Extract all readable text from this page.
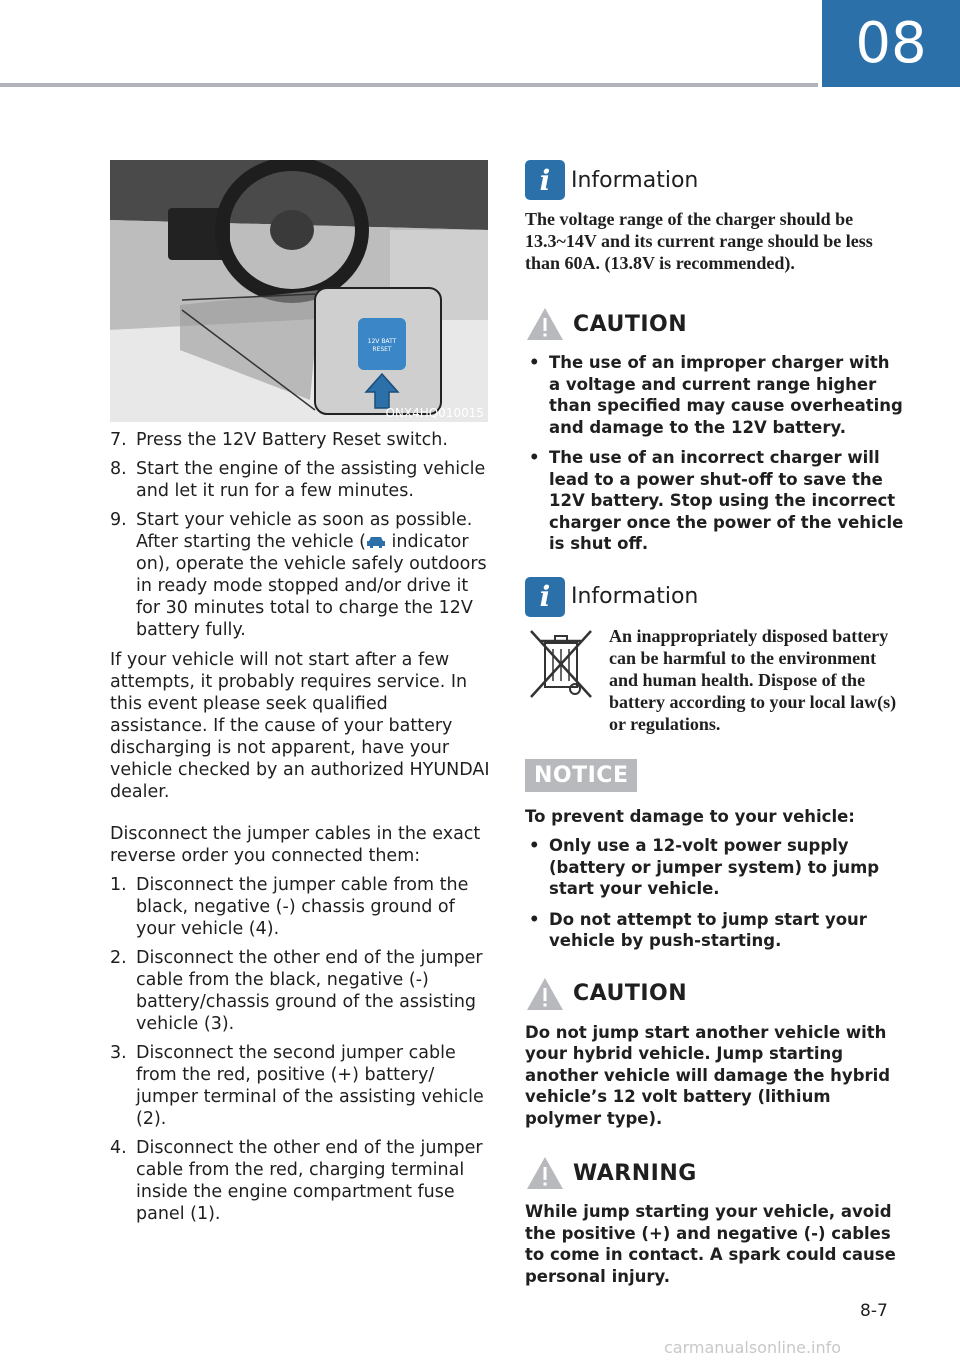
08
12V BATT
RESET
ONX4HQ010015
7. Press the 12V Battery Reset switch.
8. Start the engine of the assisting vehicle and let it run for a few minutes.
9. Start your vehicle as soon as possible. After starting the vehicle ( indicator on), operate the vehicle safely outdoors in ready mode stopped and/or drive it for 30 minutes total to charge the 12V battery fully.

If your vehicle will not start after a few attempts, it probably requires service. In this event please seek qualified assistance. If the cause of your battery discharging is not apparent, have your vehicle checked by an authorized HYUNDAI dealer.

Disconnect the jumper cables in the exact reverse order you connected them:

1. Disconnect the jumper cable from the black, negative (-) chassis ground of your vehicle (4).
2. Disconnect the other end of the jumper cable from the black, negative (-) battery/chassis ground of the assisting vehicle (3).
3. Disconnect the second jumper cable from the red, positive (+) battery/ jumper terminal of the assisting vehicle (2).
4. Disconnect the other end of the jumper cable from the red, charging terminal inside the engine compartment fuse panel (1).
i Information
The voltage range of the charger should be 13.3~14V and its current range should be less than 60A. (13.8V is recommended).
CAUTION
• The use of an improper charger with a voltage and current range higher than specified may cause overheating and damage to the 12V battery.
• The use of an incorrect charger will lead to a power shut-off to save the 12V battery. Stop using the incorrect charger once the power of the vehicle is shut off.
i Information
An inappropriately disposed battery can be harmful to the environment and human health. Dispose of the battery according to your local law(s) or regulations.
NOTICE
To prevent damage to your vehicle:
• Only use a 12-volt power supply (battery or jumper system) to jump start your vehicle.
• Do not attempt to jump start your vehicle by push-starting.
CAUTION
Do not jump start another vehicle with your hybrid vehicle. Jump starting another vehicle will damage the hybrid vehicle’s 12 volt battery (lithium polymer type).
WARNING
While jump starting your vehicle, avoid the positive (+) and negative (-) cables to come in contact. A spark could cause personal injury.
8-7
carmanualsonline.info
